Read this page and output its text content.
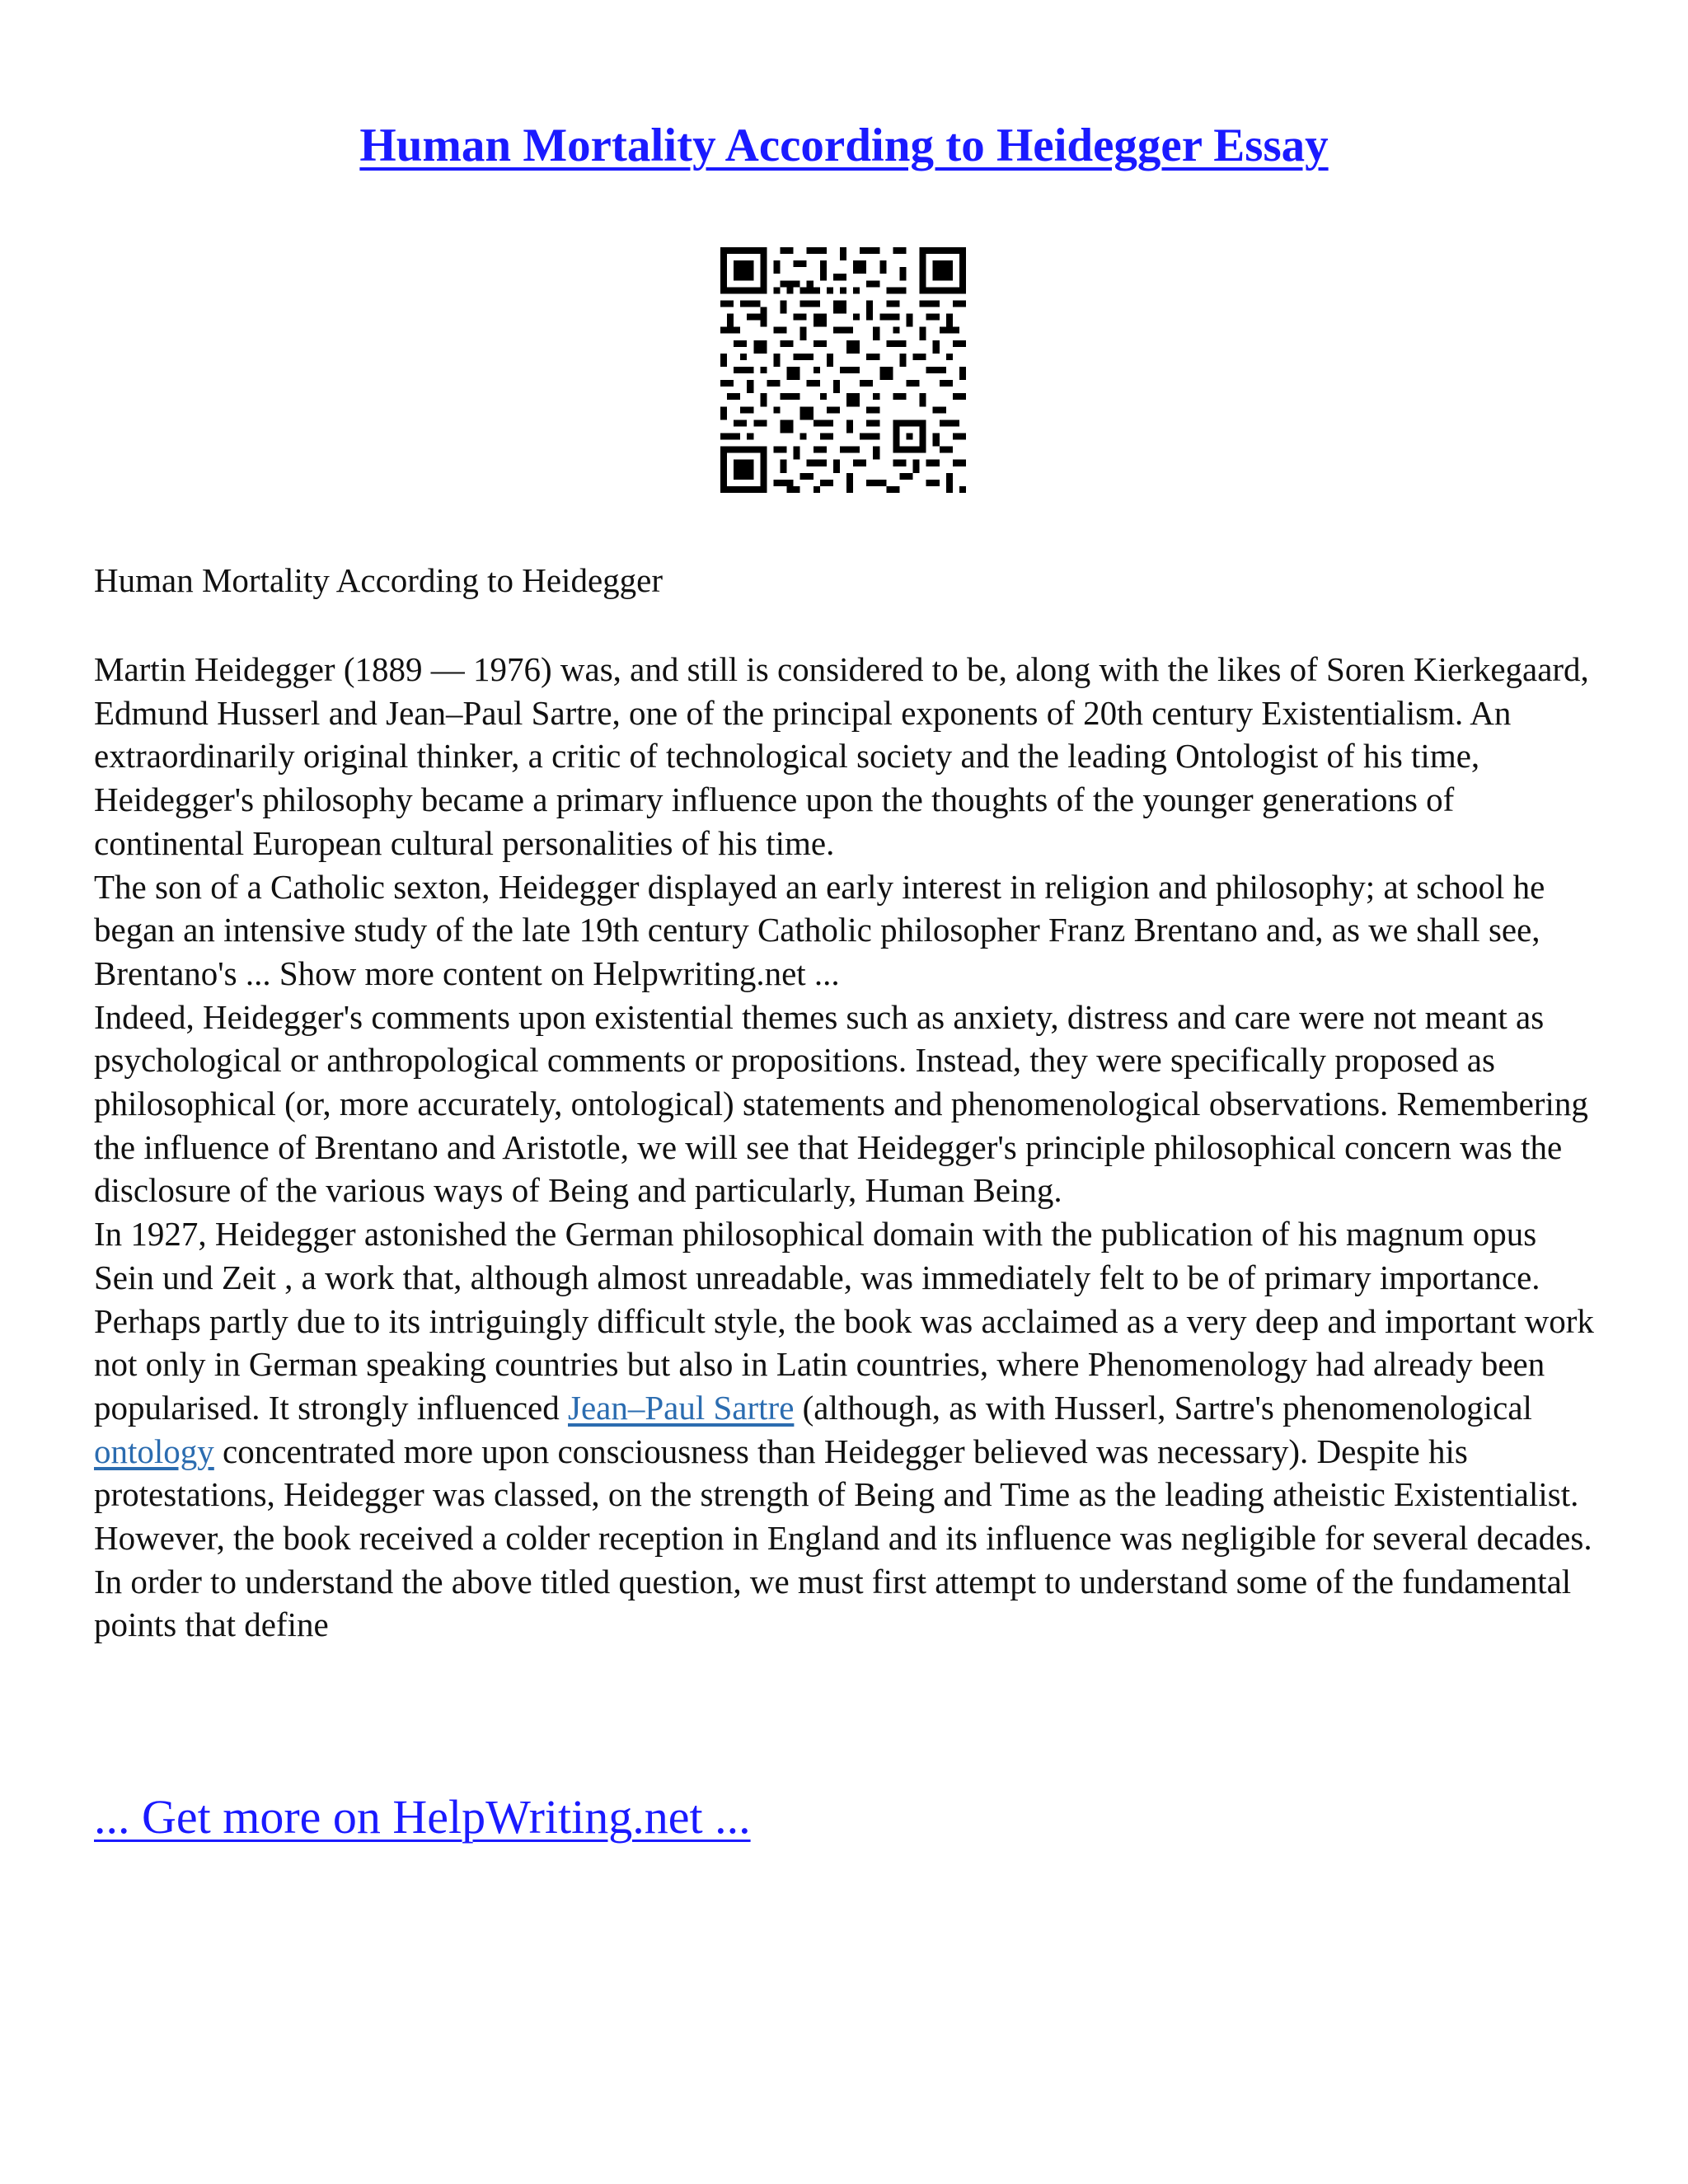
Human Mortality According to Heidegger Essay

Human Mortality According to Heidegger

Martin Heidegger (1889 — 1976) was, and still is considered to be, along with the likes of Soren Kierkegaard, Edmund Husserl and Jean–Paul Sartre, one of the principal exponents of 20th century Existentialism. An extraordinarily original thinker, a critic of technological society and the leading Ontologist of his time, Heidegger's philosophy became a primary influence upon the thoughts of the younger generations of continental European cultural personalities of his time.

The son of a Catholic sexton, Heidegger displayed an early interest in religion and philosophy; at school he began an intensive study of the late 19th century Catholic philosopher Franz Brentano and, as we shall see, Brentano's ... Show more content on Helpwriting.net ...

Indeed, Heidegger's comments upon existential themes such as anxiety, distress and care were not meant as psychological or anthropological comments or propositions. Instead, they were specifically proposed as philosophical (or, more accurately, ontological) statements and phenomenological observations. Remembering the influence of Brentano and Aristotle, we will see that Heidegger's principle philosophical concern was the disclosure of the various ways of Being and particularly, Human Being.

In 1927, Heidegger astonished the German philosophical domain with the publication of his magnum opus Sein und Zeit , a work that, although almost unreadable, was immediately felt to be of primary importance. Perhaps partly due to its intriguingly difficult style, the book was acclaimed as a very deep and important work not only in German speaking countries but also in Latin countries, where Phenomenology had already been popularised. It strongly influenced Jean–Paul Sartre (although, as with Husserl, Sartre's phenomenological ontology concentrated more upon consciousness than Heidegger believed was necessary). Despite his protestations, Heidegger was classed, on the strength of Being and Time as the leading atheistic Existentialist. However, the book received a colder reception in England and its influence was negligible for several decades.

In order to understand the above titled question, we must first attempt to understand some of the fundamental points that define

... Get more on HelpWriting.net ...
